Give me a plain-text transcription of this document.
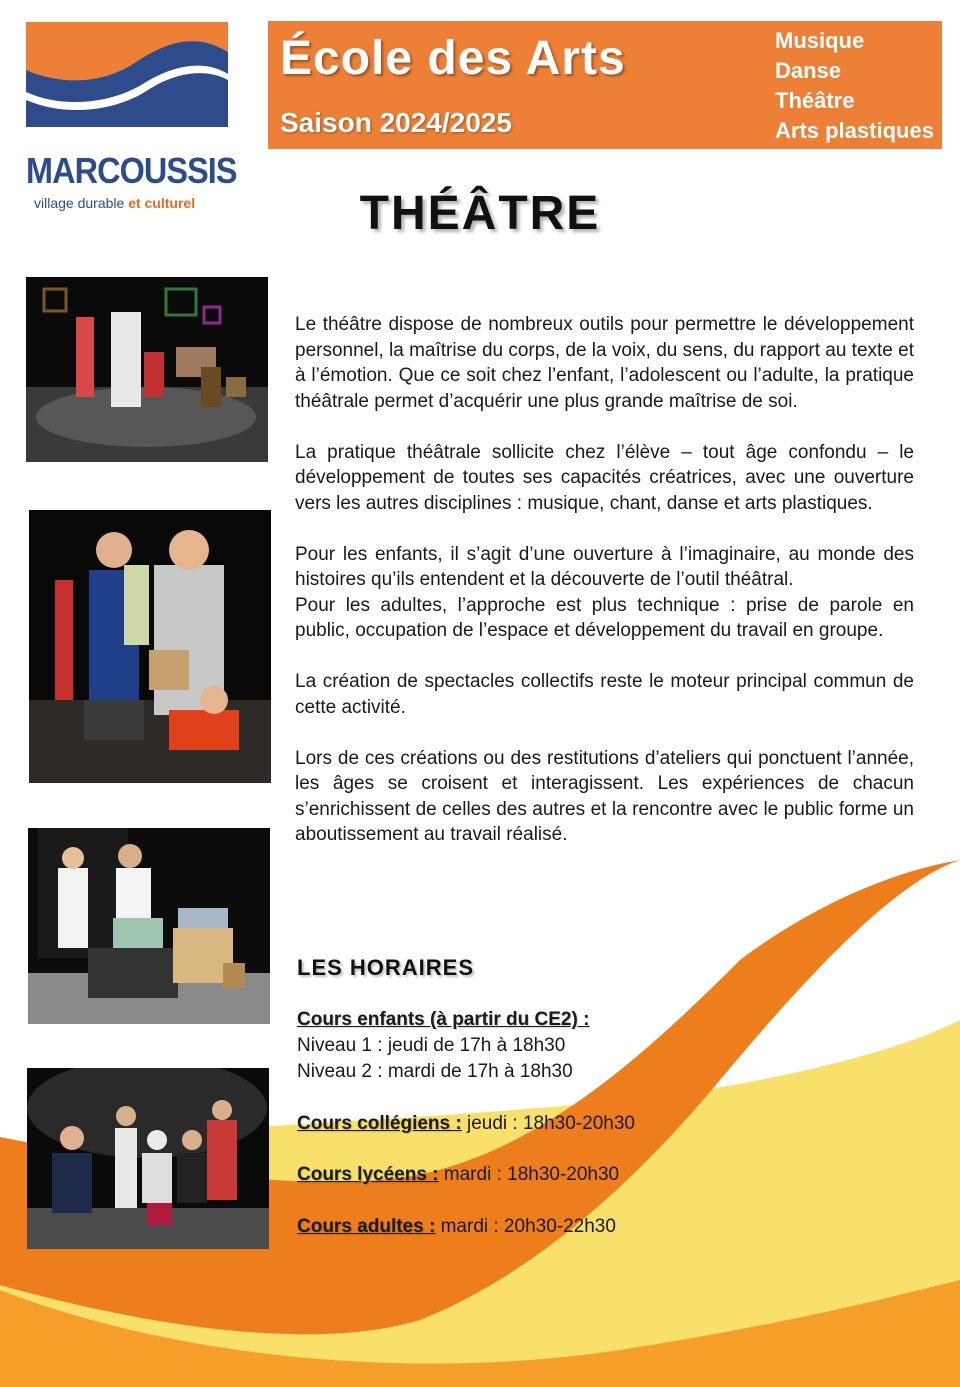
MARCOUSSIS
village durable et culturel
École des Arts
Saison 2024/2025
Musique
Danse
Théâtre
Arts plastiques
THÉÂTRE

Le théâtre dispose de nombreux outils pour permettre le développement personnel, la maîtrise du corps, de la voix, du sens, du rapport au texte et à l’émotion. Que ce soit chez l’enfant, l’adolescent ou l’adulte, la pratique théâtrale permet d’acquérir une plus grande maîtrise de soi.

La pratique théâtrale sollicite chez l’élève – tout âge confondu – le développement de toutes ses capacités créatrices, avec une ouverture vers les autres disciplines : musique, chant, danse et arts plastiques.

Pour les enfants, il s’agit d’une ouverture à l’imaginaire, au monde des histoires qu’ils entendent et la découverte de l’outil théâtral.

Pour les adultes, l’approche est plus technique : prise de parole en public, occupation de l’espace et développement du travail en groupe.

La création de spectacles collectifs reste le moteur principal commun de cette activité.

Lors de ces créations ou des restitutions d’ateliers qui ponctuent l’année, les âges se croisent et interagissent. Les expériences de chacun s’enrichissent de celles des autres et la rencontre avec le public forme un aboutissement au travail réalisé.

LES HORAIRES
Cours enfants (à partir du CE2) :
Niveau 1 : jeudi de 17h à 18h30
Niveau 2 : mardi de 17h à 18h30
Cours collégiens : jeudi : 18h30-20h30
Cours lycéens : mardi : 18h30-20h30
Cours adultes : mardi : 20h30-22h30
